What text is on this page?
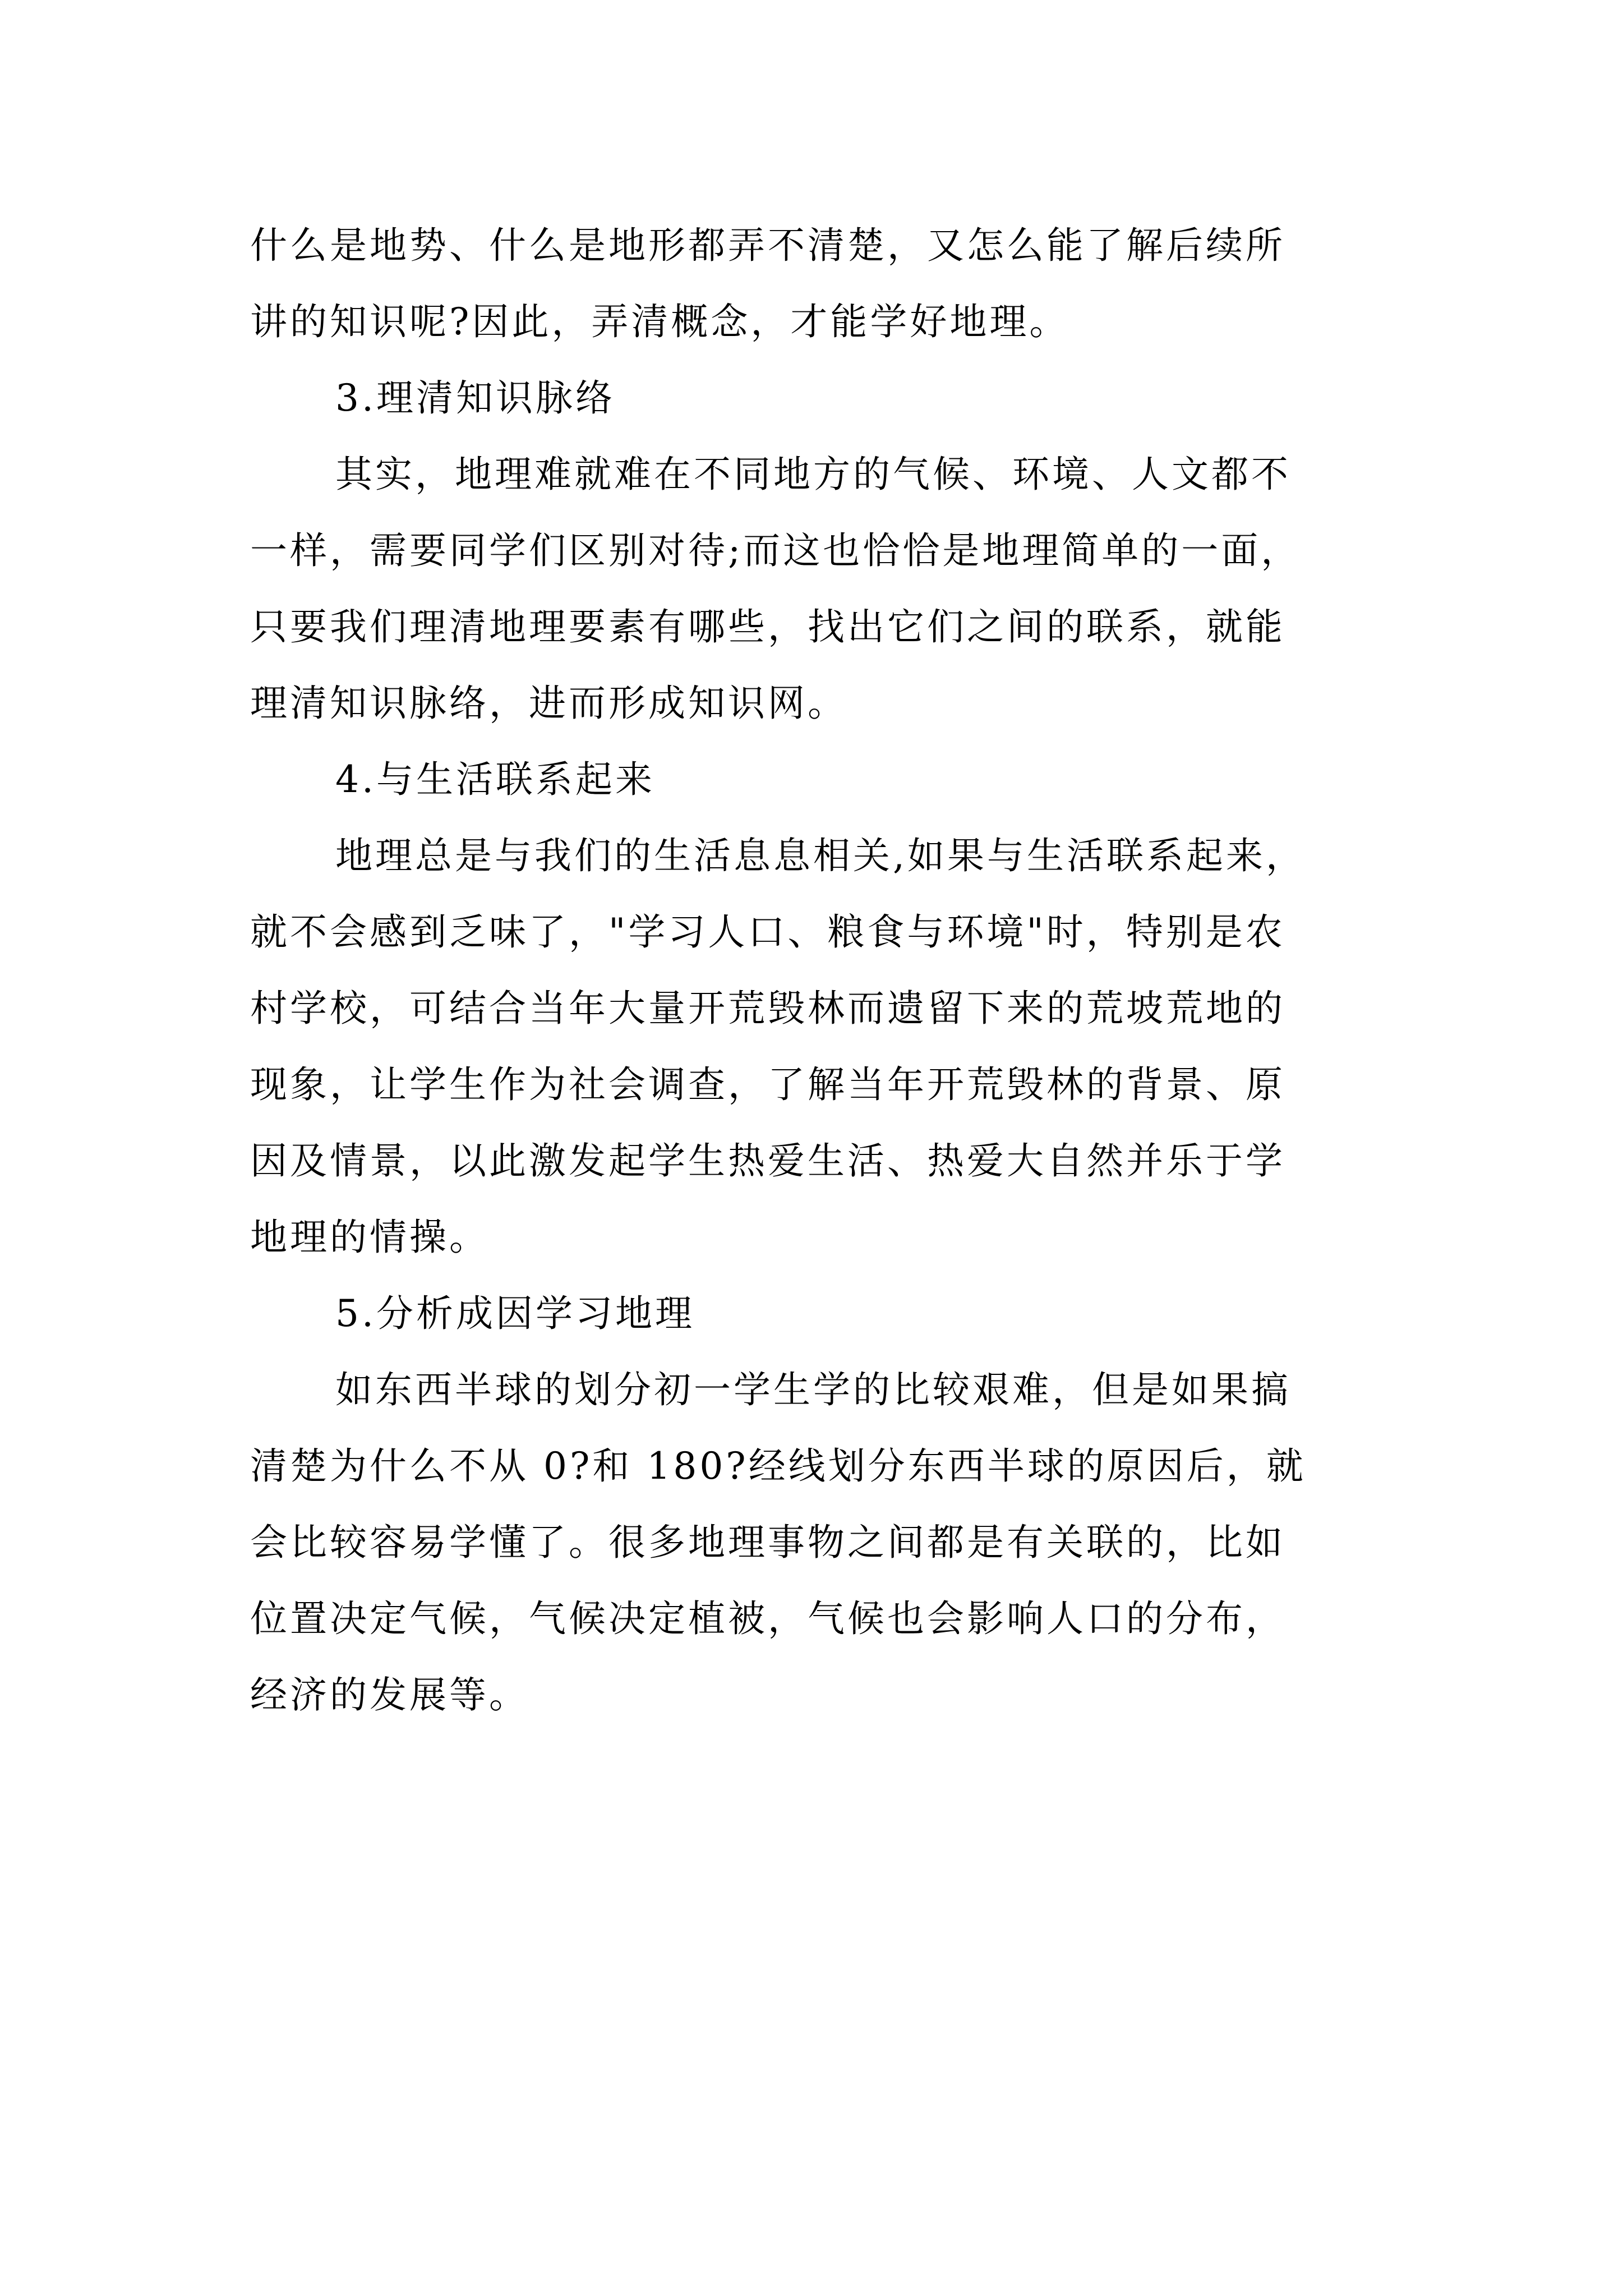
什么是地势、什么是地形都弄不清楚，又怎么能了解后续所
讲的知识呢?因此，弄清概念，才能学好地理。
3.理清知识脉络
其实，地理难就难在不同地方的气候、环境、人文都不
一样，需要同学们区别对待;而这也恰恰是地理简单的一面，
只要我们理清地理要素有哪些，找出它们之间的联系，就能
理清知识脉络，进而形成知识网。
4.与生活联系起来
地理总是与我们的生活息息相关,如果与生活联系起来，
就不会感到乏味了，"学习人口、粮食与环境"时，特别是农
村学校，可结合当年大量开荒毁林而遗留下来的荒坡荒地的
现象，让学生作为社会调查，了解当年开荒毁林的背景、原
因及情景，以此激发起学生热爱生活、热爱大自然并乐于学
地理的情操。
5.分析成因学习地理
如东西半球的划分初一学生学的比较艰难，但是如果搞
清楚为什么不从 0?和 180?经线划分东西半球的原因后，就
会比较容易学懂了。很多地理事物之间都是有关联的，比如
位置决定气候，气候决定植被，气候也会影响人口的分布，
经济的发展等。
